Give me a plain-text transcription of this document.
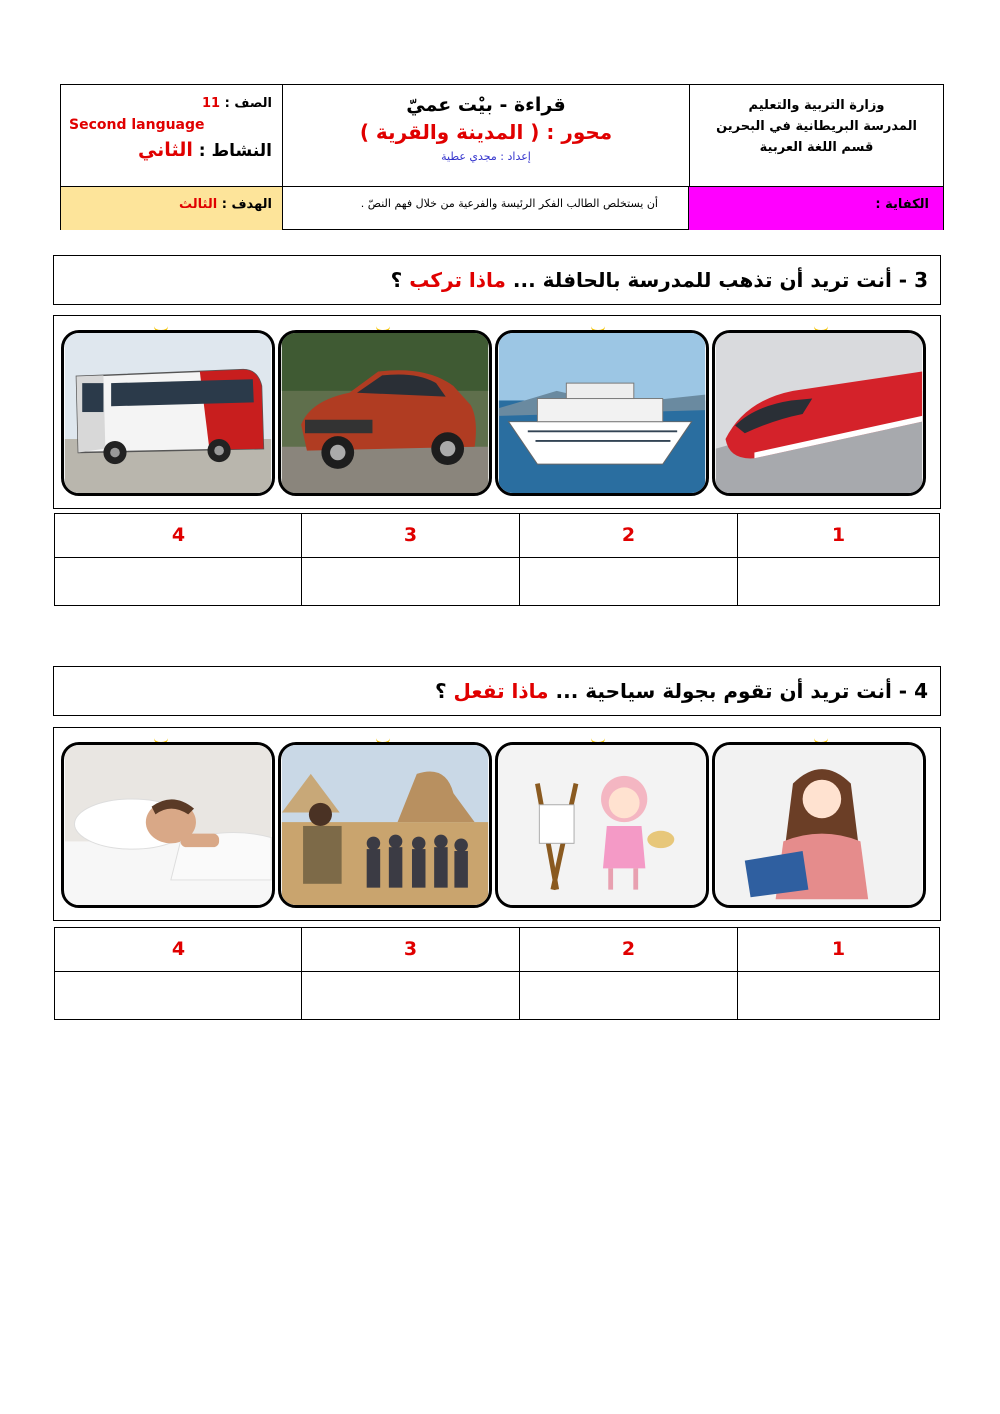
وزارة التربية والتعليم
المدرسة البريطانية في البحرين
قسم اللغة العربية
قراءة - بيْت عميّ
محور : ( المدينة والقرية )
إعداد : مجدي عطية
الصف : 11
Second language
النشاط : الثاني
الكفاية :
أن يستخلص الطالب الفكر الرئيسة والفرعية من خلال فهم النصّ .
الهدف : الثالث
3 - أنت تريد أن تذهب للمدرسة بالحافلة ... ماذا تركب ؟
4	3	2	1
4 - أنت تريد أن تقوم بجولة سياحية ... ماذا تفعل ؟
4	3	2	1
